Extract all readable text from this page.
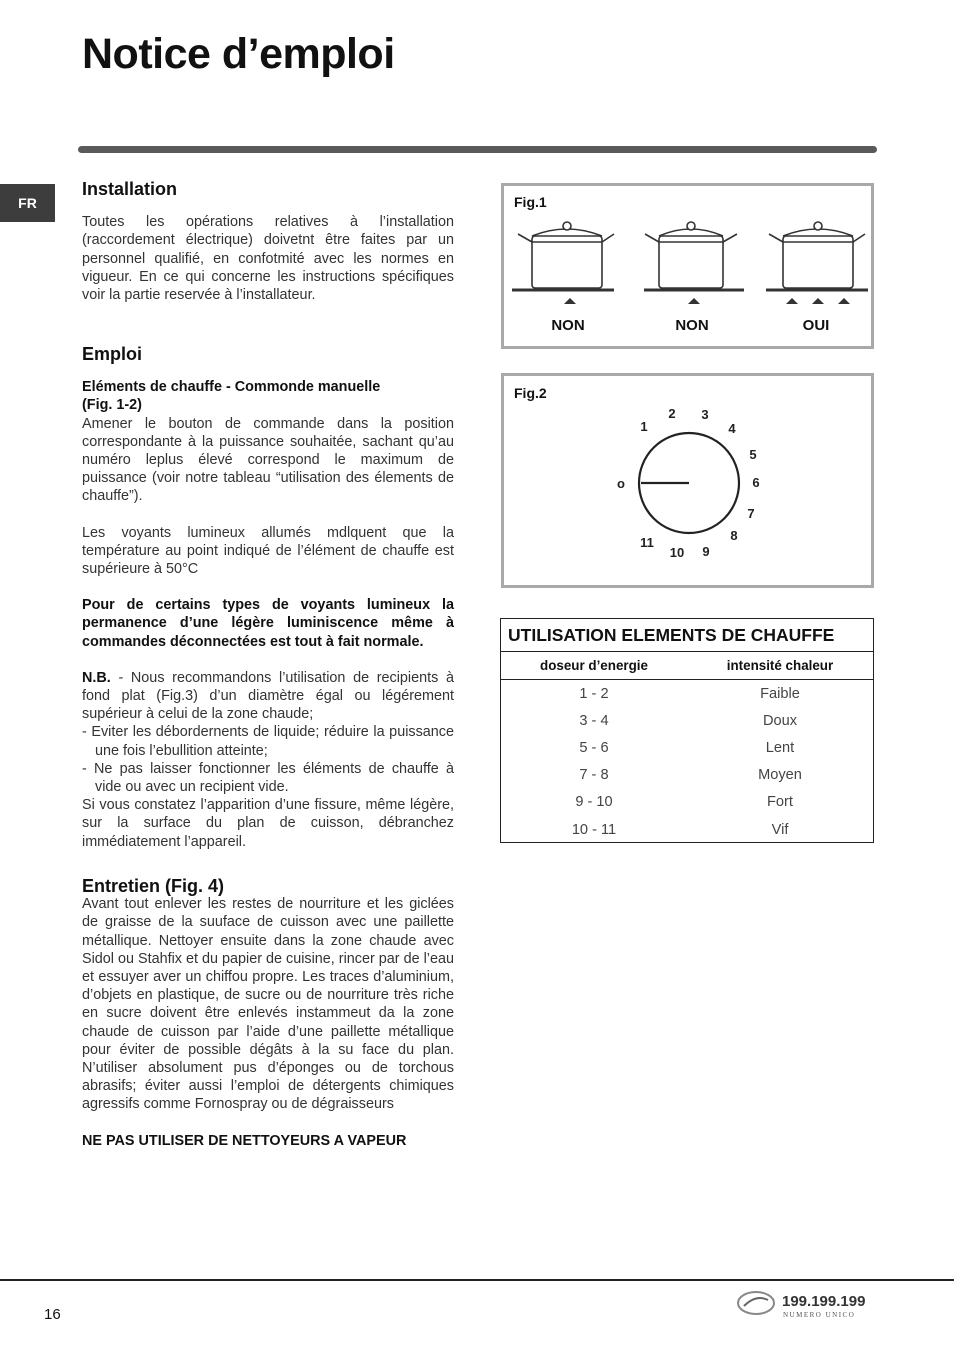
Notice d’emploi
FR
Installation

Toutes les opérations relatives à l’installation (raccordement électrique) doivetnt être faites par un personnel qualifié, en confotmité avec les normes en vigueur. En ce qui concerne les instructions spécifiques voir la partie reservée à l’installateur.

Emploi

Eléments de chauffe - Commonde manuelle

(Fig. 1-2)

Amener le bouton de commande dans la position correspondante à la puissance souhaitée, sachant qu’au numéro leplus élevé correspond le maximum de puissance (voir notre tableau “utilisation des élements de chauffe”).

Les voyants lumineux allumés mdlquent que la température au point indiqué de l’élément de chauffe est supérieure à 50°C

Pour de certains types de voyants lumineux la permanence d’une légère luminiscence même à commandes déconnectées est tout à fait normale.

N.B. - Nous recommandons l’utilisation de recipients à fond plat (Fig.3) d’un diamètre égal ou légérement supérieur à celui de la zone chaude;

- Eviter les débordernents de liquide; réduire la puissance une fois l’ebullition atteinte;

- Ne pas laisser fonctionner les éléments de chauffe à vide ou avec un recipient vide.

Si vous constatez l’apparition d’une fissure, même légère, sur la surface du plan de cuisson, débranchez immédiatement l’appareil.

Entretien (Fig. 4)

Avant tout enlever les restes de nourriture et les giclées de graisse de la suuface de cuisson avec une paillette métallique. Nettoyer ensuite dans la zone chaude avec Sidol ou Stahfix et du papier de cuisine, rincer par de l’eau et essuyer aver un chiffou propre. Les traces d’aluminium, d’objets en plastique, de sucre ou de nourriture très riche en sucre doivent être enlevés instammeut da la zone chaude de cuisson par l’aide d’une paillette métallique pour éviter de possible dégâts à la su face du plan. N’utiliser absolument pus d’éponges ou de torchous abrasifs; éviter aussi l’emploi de détergents chimiques agressifs comme Fornospray ou de dégraisseurs

NE PAS UTILISER DE NETTOYEURS A VAPEUR

Fig.1
NON	NON	OUI
Fig.2
o
1
2 3
4
5
6
7
8
9
10
11
UTILISATION ELEMENTS DE CHAUFFE
doseur d’energie	intensité chaleur
1 - 2	Faible
3 - 4	Doux
5 - 6	Lent
7 - 8	Moyen
9 - 10	Fort
10 - 11	Vif
16
199.199.199
NUMERO UNICO
